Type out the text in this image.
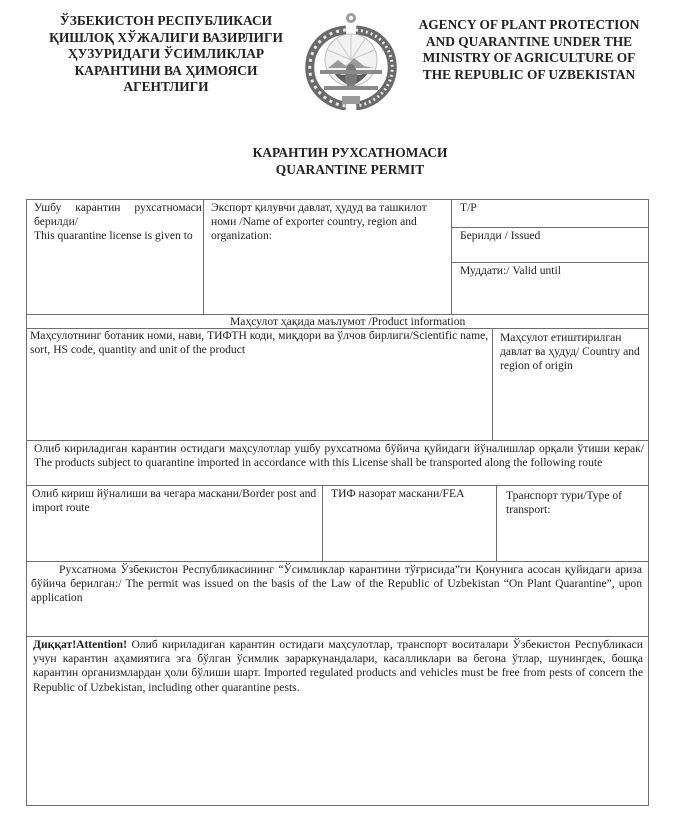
ЎЗБЕКИСТОН РЕСПУБЛИКАСИ
ҚИШЛОҚ ХЎЖАЛИГИ ВАЗИРЛИГИ
ҲУЗУРИДАГИ ЎСИМЛИКЛАР
КАРАНТИНИ ВА ҲИМОЯСИ
АГЕНТЛИГИ
AGENCY OF PLANT PROTECTION
AND QUARANTINE UNDER THE
MINISTRY OF AGRICULTURE OF
THE REPUBLIC OF UZBEKISTAN
КАРАНТИН РУХСАТНОМАСИ
QUARANTINE PERMIT
Ушбу карантин рухсатномаси берилди/
This quarantine license is given to
Экспорт қилувчи давлат, ҳудуд ва ташкилот номи /Name of exporter country, region and organization:
Т/Р
Берилди / Issued
Муддати:/ Valid until
Маҳсулот ҳақида маълумот /Product information
Маҳсулотнинг ботаник номи, нави, ТИФТН коди, миқдори ва ўлчов бирлиги/Scientific name, sort, HS code, quantity and unit of the product
Маҳсулот етиштирилган давлат ва ҳудуд/ Country and region of origin
Олиб кириладиган карантин остидаги маҳсулотлар ушбу рухсатнома бўйича қуйидаги йўналишлар орқали ўтиши керак/ The products subject to quarantine imported in accordance with this License shall be transported along the following route
Олиб кириш йўналиши ва чегара маскани/Border post and import route
ТИФ назорат маскани/FEA	Транспорт тури/Type of transport:
Рухсатнома Ўзбекистон Республикасининг “Ўсимликлар карантини тўғрисида”ги Қонунига асосан қуйидаги ариза бўйича берилган:/ The permit was issued on the basis of the Law of the Republic of Uzbekistan “On Plant Quarantine”, upon application
Диққат!Attention! Олиб кириладиган карантин остидаги маҳсулотлар, транспорт воситалари Ўзбекистон Республикаси учун карантин аҳамиятига эга бўлган ўсимлик зараркунандалари, касалликлари ва бегона ўтлар, шунингдек, бошқа карантин организмлардан ҳоли бўлиши шарт. Imported regulated products and vehicles must be free from pests of concern the Republic of Uzbekistan, including other quarantine pests.
